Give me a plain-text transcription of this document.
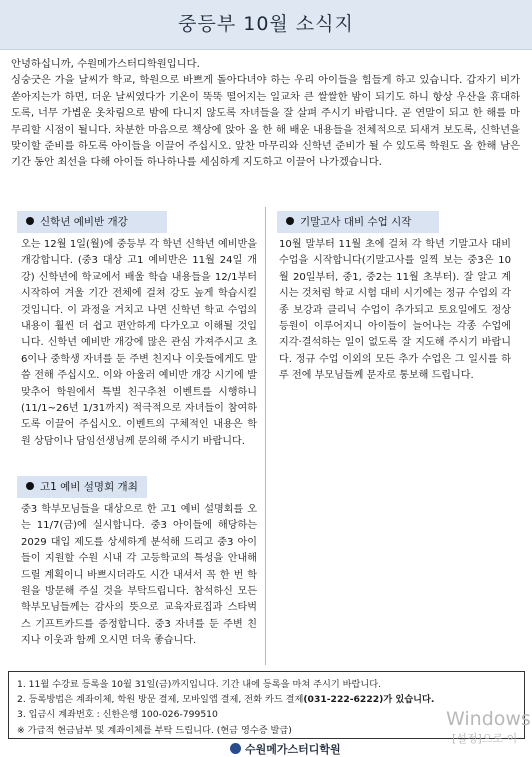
중등부 10월 소식지
안녕하십니까, 수원메가스터디학원입니다.
싱숭굿은 가을 날씨가 학교, 학원으로 바쁘게 돌아다녀야 하는 우리 아이들을 힘들게 하고 있습니다. 갑자기 비가 쏟아지는가 하면, 더운 날씨였다가 기온이 뚝뚝 떨어지는 일교차 큰 쌀쌀한 밤이 되기도 하니 항상 우산을 휴대하도록, 너무 가볍운 옷차림으로 밤에 다니지 않도록 자녀들을 잘 살펴 주시기 바랍니다. 곧 연말이 되고 한 해를 마무리할 시점이 될니다. 차분한 마음으로 책상에 앉아 올 한 해 배운 내용들을 전체적으로 되새겨 보도록, 신학년을 맞이할 준비를 하도록 아이들을 이끌어 주십시오. 앞찬 마무리와 신학년 준비가 될 수 있도록 학원도 올 한해 남은 기간 동안 최선을 다해 아이들 하나하나를 세심하게 지도하고 이끌어 나가겠습니다.
신학년 예비반 개강
오는 12월 1일(월)에 중등부 각 학년 신학년 예비반을 개강합니다. (중3 대상 고1 예비반은 11월 24일 개강) 신학년에 학교에서 배울 학습 내용들을 12/1부터 시작하여 겨울 기간 전체에 걸쳐 강도 높게 학습시킬 것입니다. 이 과정을 거치고 나면 신학년 학교 수업의 내용이 훨씬 더 쉽고 편안하게 다가오고 이해될 것입니다. 신학년 예비반 개강에 많은 관심 가져주시고 초6이나 중학생 자녀를 둔 주변 친지나 이웃들에게도 말씀 전해 주십시오. 이와 아울러 예비반 개강 시기에 발맞추어 학원에서 특별 친구추천 이벤트를 시행하니(11/1~26년 1/31까지) 적극적으로 자녀들이 참여하도록 이끌어 주십시오. 이벤트의 구체적인 내용은 학원 상담이나 담임선생님께 문의해 주시기 바랍니다.
고1 예비 설명회 개최
중3 학부모님들을 대상으로 한 고1 예비 설명회를 오는 11/7(금)에 실시합니다. 중3 아이들에 해당하는 2029 대입 제도를 상세하게 분석해 드리고 중3 아이들이 지원할 수원 시내 각 고등학교의 특성을 안내해 드릴 계획이니 바쁘시더라도 시간 내셔서 꼭 한 번 학원을 방문해 주실 것을 부탁드립니다. 참석하신 모든 학부모님들께는 감사의 뜻으로 교육자료집과 스타벅스 기프트카드를 증정합니다. 중3 자녀를 둔 주변 친지나 이웃과 함께 오시면 더욱 좋습니다.
기말고사 대비 수업 시작
10월 말부터 11월 초에 걸쳐 각 학년 기말고사 대비 수업을 시작합니다(기말고사를 일찍 보는 중3은 10월 20일부터, 중1, 중2는 11월 초부터). 잘 알고 계시는 것처럼 학교 시험 대비 시기에는 정규 수업외 각종 보강과 클리닉 수업이 추가되고 토요일에도 정상 등원이 이루어지니 아이들이 늘어나는 각종 수업에 지각·결석하는 일이 없도록 잘 지도해 주시기 바랍니다. 정규 수업 이외의 모든 추가 수업은 그 일시를 하루 전에 부모님들께 문자로 통보해 드립니다.
1. 11월 수강료 등록을 10월 31일(금)까지입니다. 기간 내에 등록을 마쳐 주시기 바랍니다.
2. 등록방법은 계좌이체, 학원 방문 결제, 모바일앱 결제, 전화 카드 결제(031-222-6222)가 있습니다.
3. 입금시 계좌번호 : 신한은행 100-026-799510
※ 가급적 현금납부 및 계좌이체를 부탁 드립니다. (현금 영수증 발급)
수원메가스터디학원
Windows
[설정]으로 이
